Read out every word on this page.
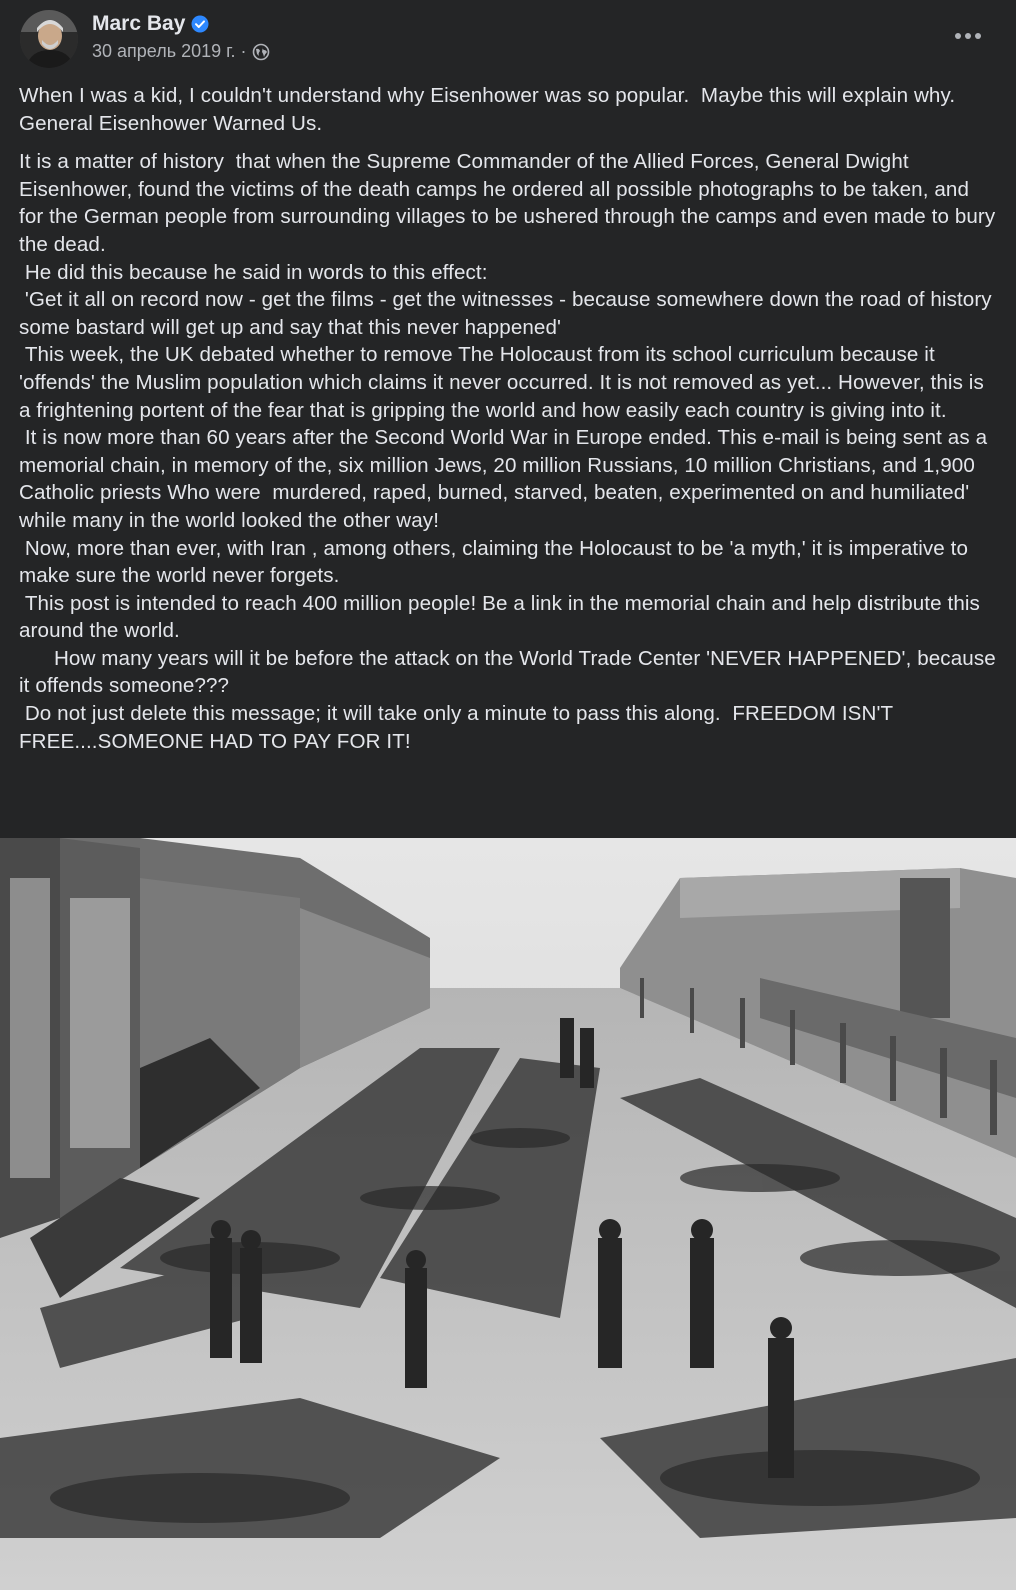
Marc Bay
30 апрель 2019 г. ·

When I was a kid, I couldn't understand why Eisenhower was so popular.  Maybe this will explain why.

General Eisenhower Warned Us.

It is a matter of history  that when the Supreme Commander of the Allied Forces, General Dwight Eisenhower, found the victims of the death camps he ordered all possible photographs to be taken, and for the German people from surrounding villages to be ushered through the camps and even made to bury the dead.

He did this because he said in words to this effect:

'Get it all on record now - get the films - get the witnesses - because somewhere down the road of history some bastard will get up and say that this never happened'

This week, the UK debated whether to remove The Holocaust from its school curriculum because it 'offends' the Muslim population which claims it never occurred. It is not removed as yet... However, this is a frightening portent of the fear that is gripping the world and how easily each country is giving into it.

It is now more than 60 years after the Second World War in Europe ended. This e-mail is being sent as a memorial chain, in memory of the, six million Jews, 20 million Russians, 10 million Christians, and 1,900 Catholic priests Who were  murdered, raped, burned, starved, beaten, experimented on and humiliated' while many in the world looked the other way!

Now, more than ever, with Iran , among others, claiming the Holocaust to be 'a myth,' it is imperative to make sure the world never forgets.

This post is intended to reach 400 million people! Be a link in the memorial chain and help distribute this around the world.

How many years will it be before the attack on the World Trade Center 'NEVER HAPPENED', because it offends someone???

Do not just delete this message; it will take only a minute to pass this along.  FREEDOM ISN'T FREE....SOMEONE HAD TO PAY FOR IT!
